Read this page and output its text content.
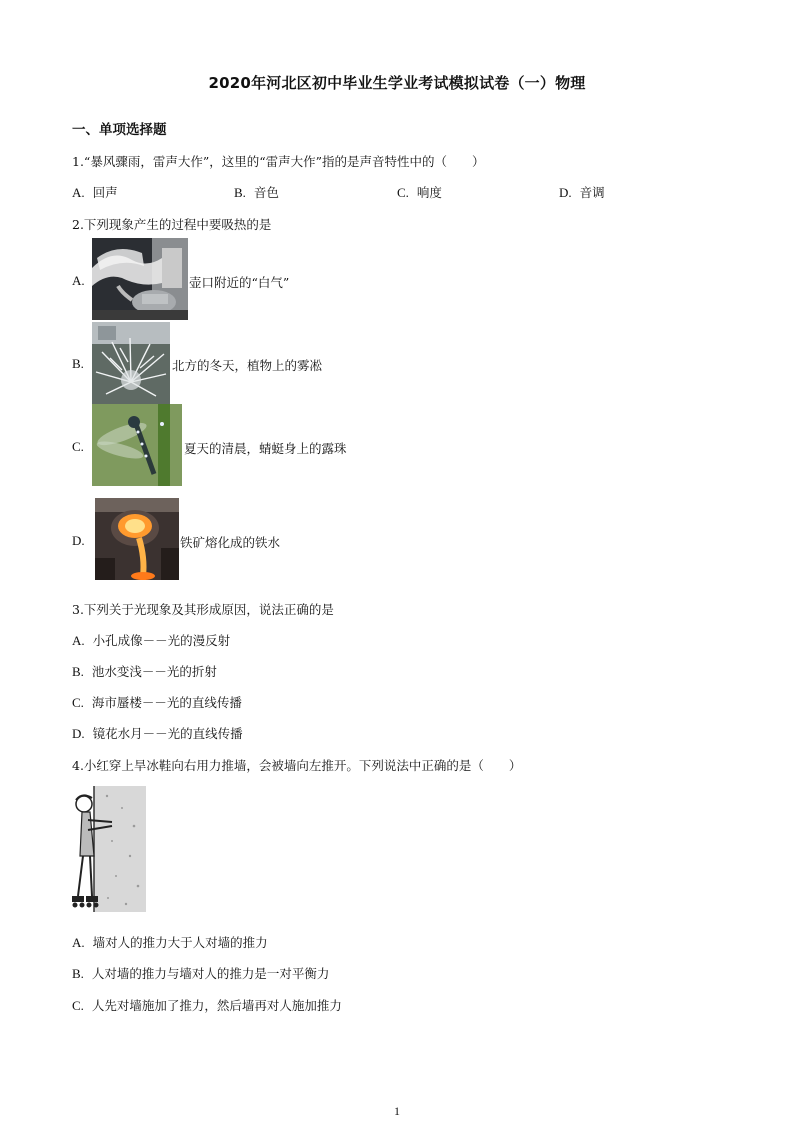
2020年河北区初中毕业生学业考试模拟试卷（一）物理
一、单项选择题
1.“暴风骤雨，雷声大作”，这里的“雷声大作”指的是声音特性中的（　　）
A. 回声	B. 音色	C. 响度	D. 音调
2.下列现象产生的过程中要吸热的是
A.	壶口附近的“白气”
B.	北方的冬天，植物上的雾凇
C.	夏天的清晨，蜻蜓身上的露珠
D.	铁矿熔化成的铁水
3.下列关于光现象及其形成原因，说法正确的是
A. 小孔成像－－光的漫反射
B. 池水变浅－－光的折射
C. 海市蜃楼－－光的直线传播
D. 镜花水月－－光的直线传播
4.小红穿上旱冰鞋向右用力推墙，会被墙向左推开。下列说法中正确的是（　　）
A. 墙对人的推力大于人对墙的推力
B. 人对墙的推力与墙对人的推力是一对平衡力
C. 人先对墙施加了推力，然后墙再对人施加推力
1
